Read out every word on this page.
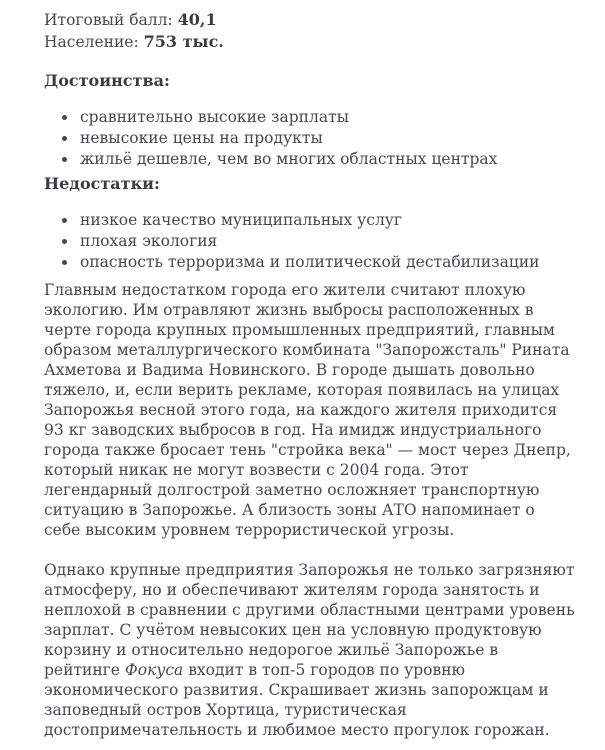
Итоговый балл: 40,1

Население: 753 тыс.

Достоинства:

• сравнительно высокие зарплаты
• невысокие цены на продукты
• жильё дешевле, чем во многих областных центрах

Недостатки:

• низкое качество муниципальных услуг
• плохая экология
• опасность терроризма и политической дестабилизации

Главным недостатком города его жители считают плохую экологию. Им отравляют жизнь выбросы расположенных в черте города крупных промышленных предприятий, главным образом металлургического комбината "Запорожсталь" Рината Ахметова и Вадима Новинского. В городе дышать довольно тяжело, и, если верить рекламе, которая появилась на улицах Запорожья весной этого года, на каждого жителя приходится 93 кг заводских выбросов в год. На имидж индустриального города также бросает тень "стройка века" — мост через Днепр, который никак не могут возвести с 2004 года. Этот легендарный долгострой заметно осложняет транспортную ситуацию в Запорожье. А близость зоны АТО напоминает о себе высоким уровнем террористической угрозы.

Однако крупные предприятия Запорожья не только загрязняют атмосферу, но и обеспечивают жителям города занятость и неплохой в сравнении с другими областными центрами уровень зарплат. С учётом невысоких цен на условную продуктовую корзину и относительно недорогое жильё Запорожье в рейтинге Фокуса входит в топ-5 городов по уровню экономического развития. Скрашивает жизнь запорожцам и заповедный остров Хортица, туристическая достопримечательность и любимое место прогулок горожан.
